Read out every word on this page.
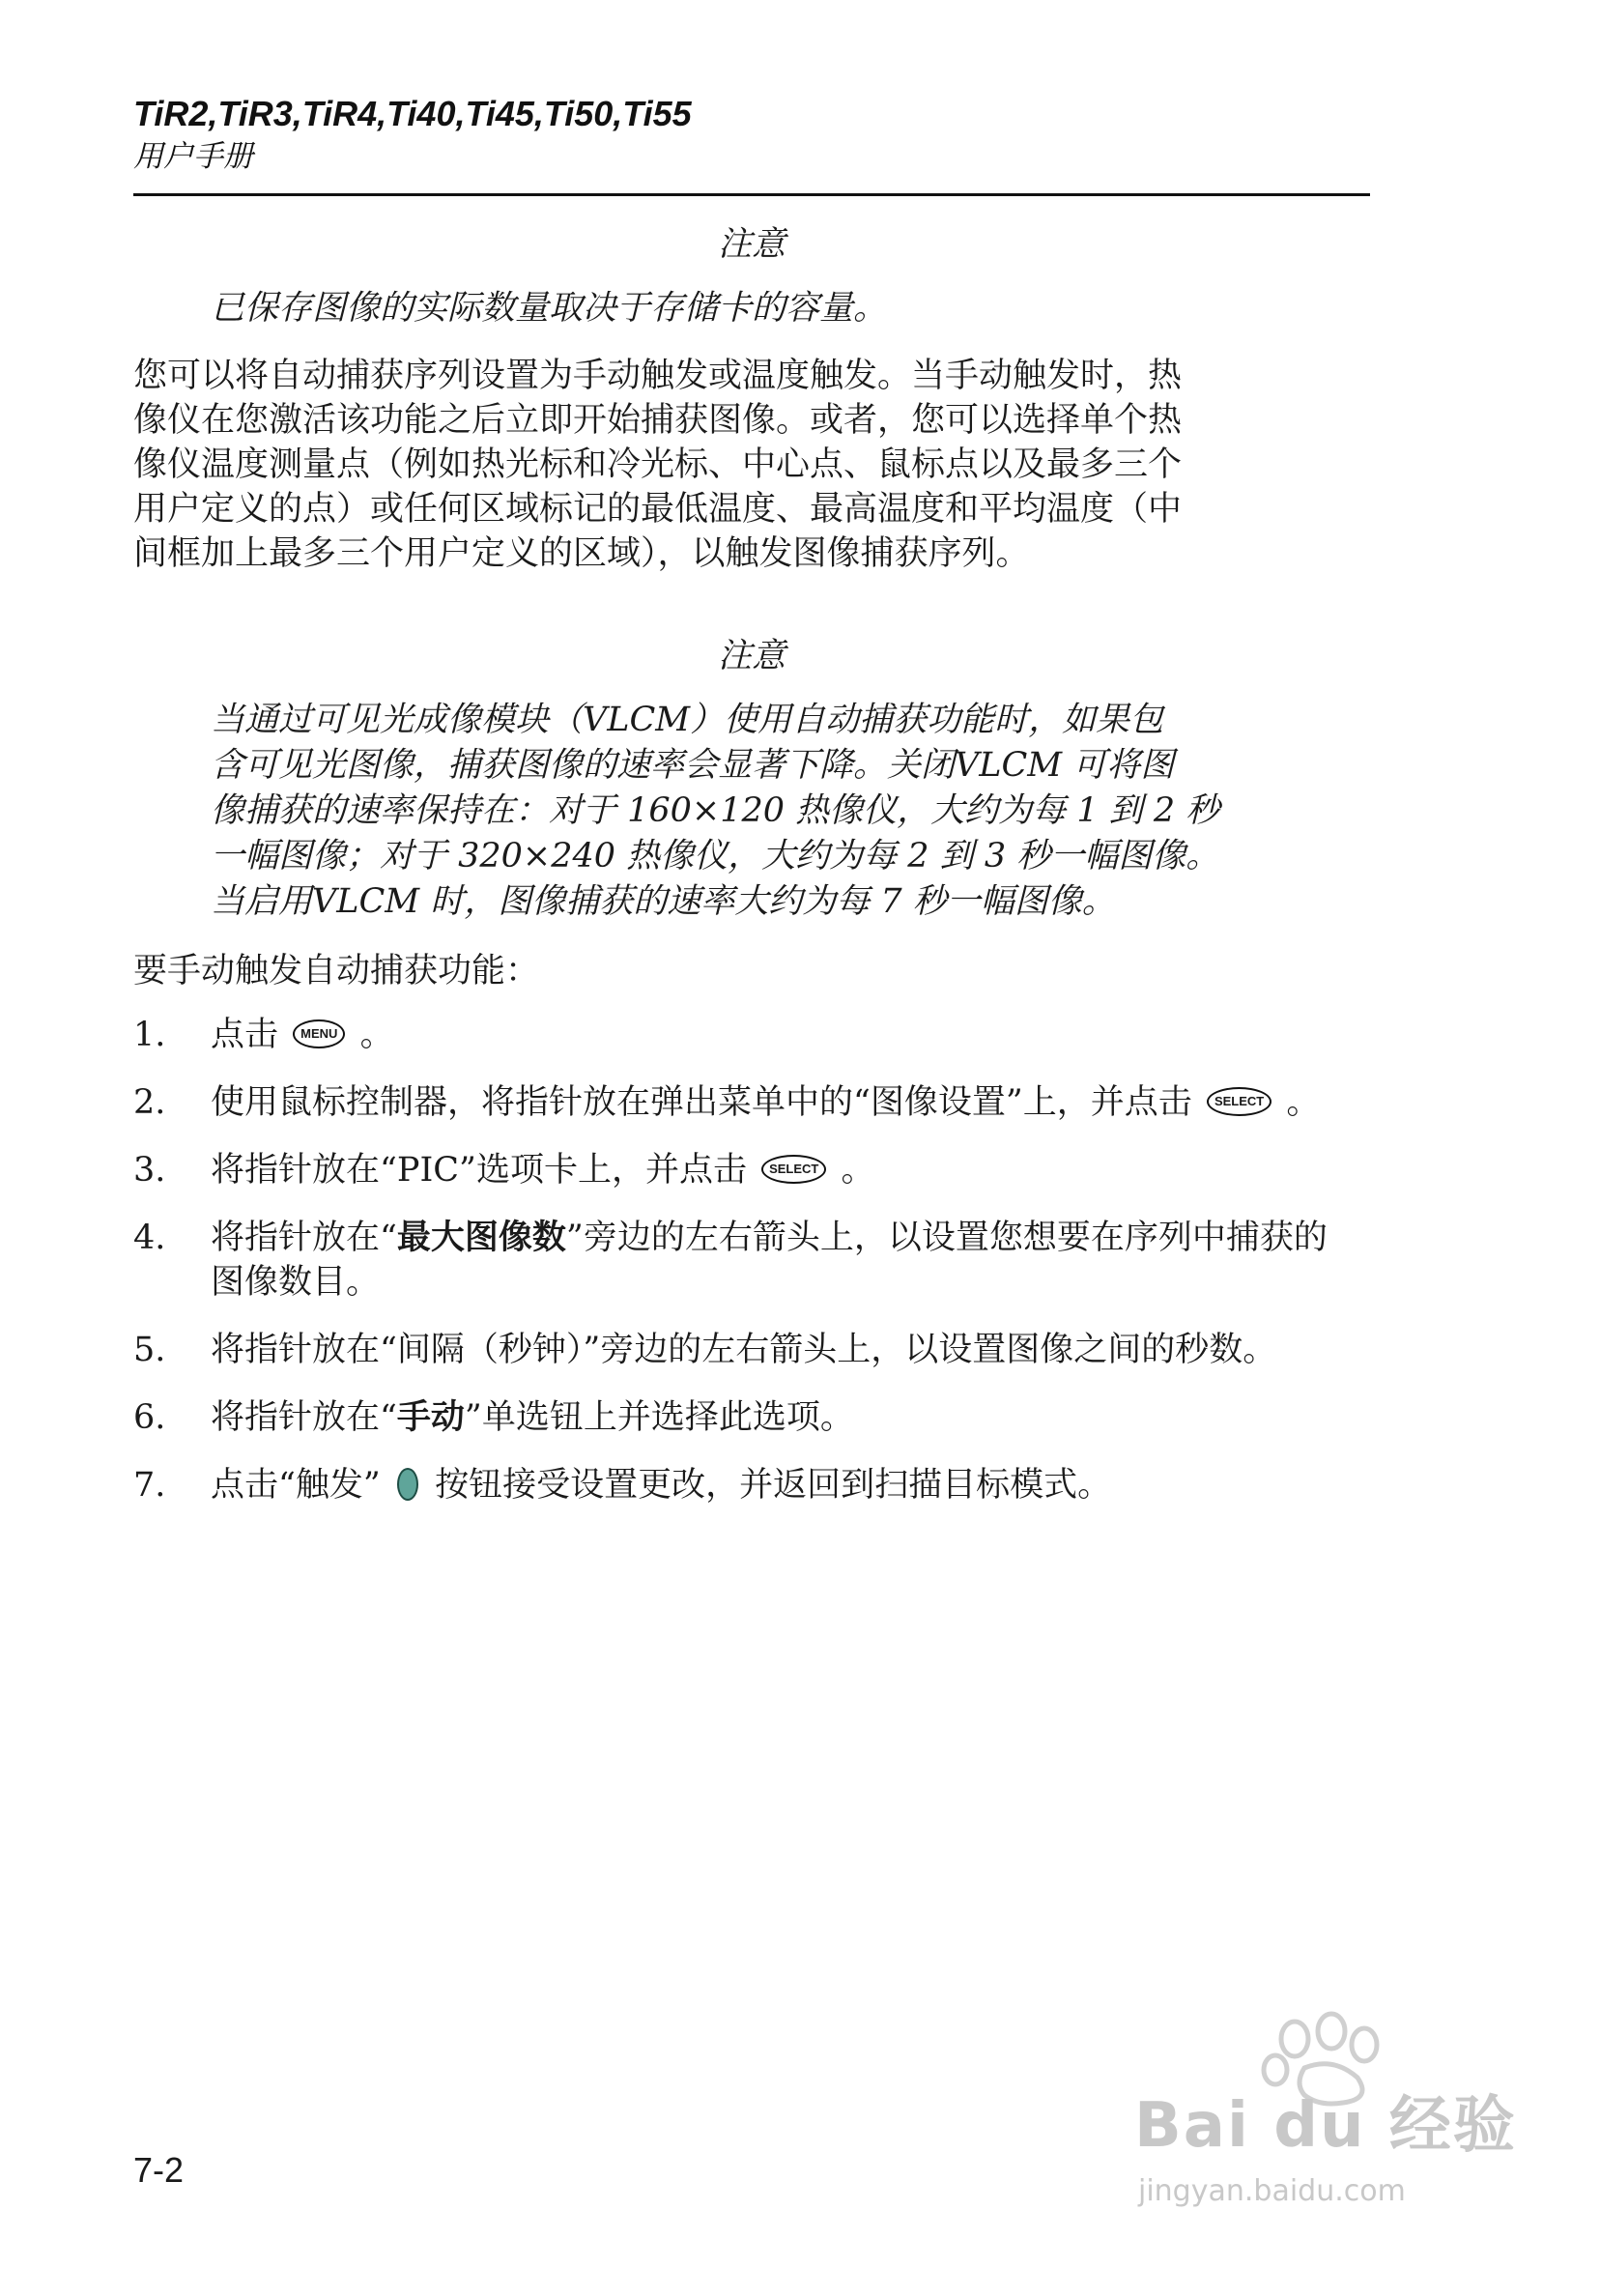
TiR2,TiR3,TiR4,Ti40,Ti45,Ti50,Ti55
用户手册
注意
已保存图像的实际数量取决于存储卡的容量。
您可以将自动捕获序列设置为手动触发或温度触发。当手动触发时，热
像仪在您激活该功能之后立即开始捕获图像。或者，您可以选择单个热
像仪温度测量点（例如热光标和冷光标、中心点、鼠标点以及最多三个
用户定义的点）或任何区域标记的最低温度、最高温度和平均温度（中
间框加上最多三个用户定义的区域），以触发图像捕获序列。
注意
当通过可见光成像模块（VLCM）使用自动捕获功能时，如果包
含可见光图像，捕获图像的速率会显著下降。关闭VLCM 可将图
像捕获的速率保持在：对于 160×120 热像仪，大约为每 1 到 2 秒
一幅图像；对于 320×240 热像仪，大约为每 2 到 3 秒一幅图像。
当启用VLCM 时，图像捕获的速率大约为每 7 秒一幅图像。
要手动触发自动捕获功能：
1.	点击 MENU 。
2.	使用鼠标控制器，将指针放在弹出菜单中的“图像设置”上，并点击 SELECT 。
3.	将指针放在“PIC”选项卡上，并点击 SELECT 。
4.	将指针放在“最大图像数”旁边的左右箭头上，以设置您想要在序列中捕获的图像数目。
5.	将指针放在“间隔（秒钟）”旁边的左右箭头上，以设置图像之间的秒数。
6.	将指针放在“手动”单选钮上并选择此选项。
7.	点击“触发” 按钮接受设置更改，并返回到扫描目标模式。
7-2
Bai du 经验
jingyan.baidu.com
